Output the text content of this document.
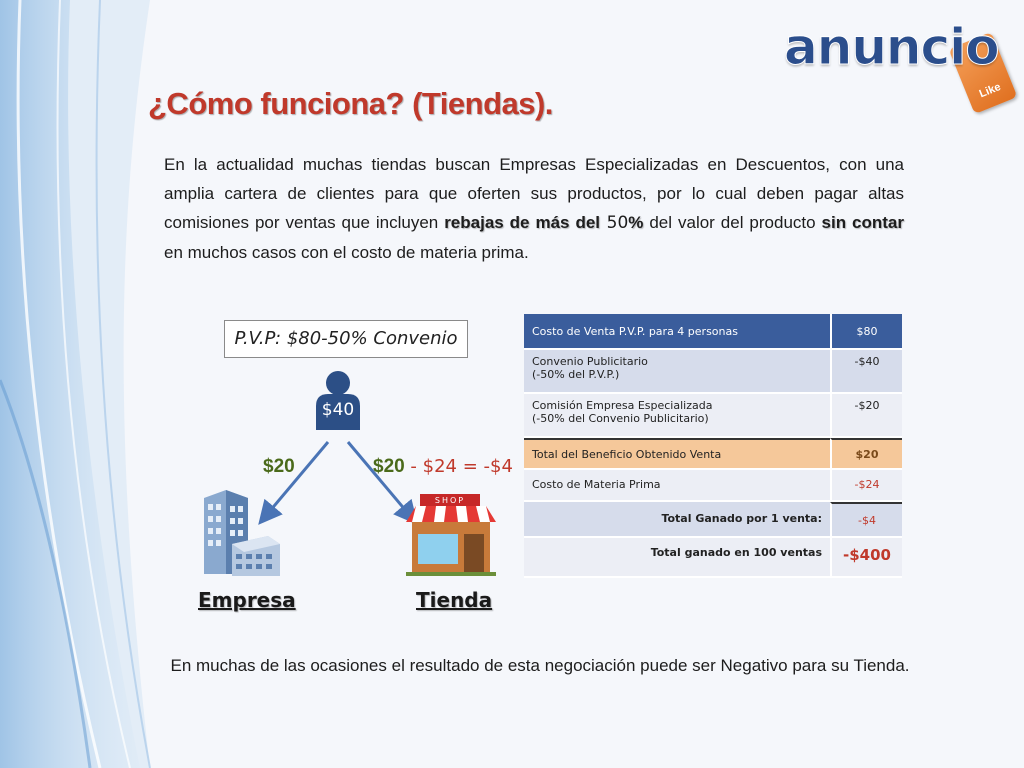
Like
anuncio
¿Cómo funciona? (Tiendas).

En la actualidad muchas tiendas buscan Empresas Especializadas en Descuentos, con una amplia cartera de clientes para que oferten sus productos, por lo cual deben pagar altas comisiones por ventas que incluyen rebajas de más del 50% del valor del producto sin contar en muchos casos con el costo de materia prima.

P.V.P: $80-50% Convenio
$40
$20	$20 - $24 = -$4
SHOP
Empresa	Tienda
Costo de Venta P.V.P. para 4 personas	$80

Convenio Publicitario
(-50% del P.V.P.)	-$40

Comisión Empresa Especializada
(-50% del Convenio Publicitario)	-$20
Total del Beneficio Obtenido Venta	$20
Costo de Materia Prima	-$24
Total Ganado por 1 venta:	-$4
Total ganado en 100 ventas	-$400

En muchas de las ocasiones el resultado de esta negociación puede ser Negativo para su Tienda.
